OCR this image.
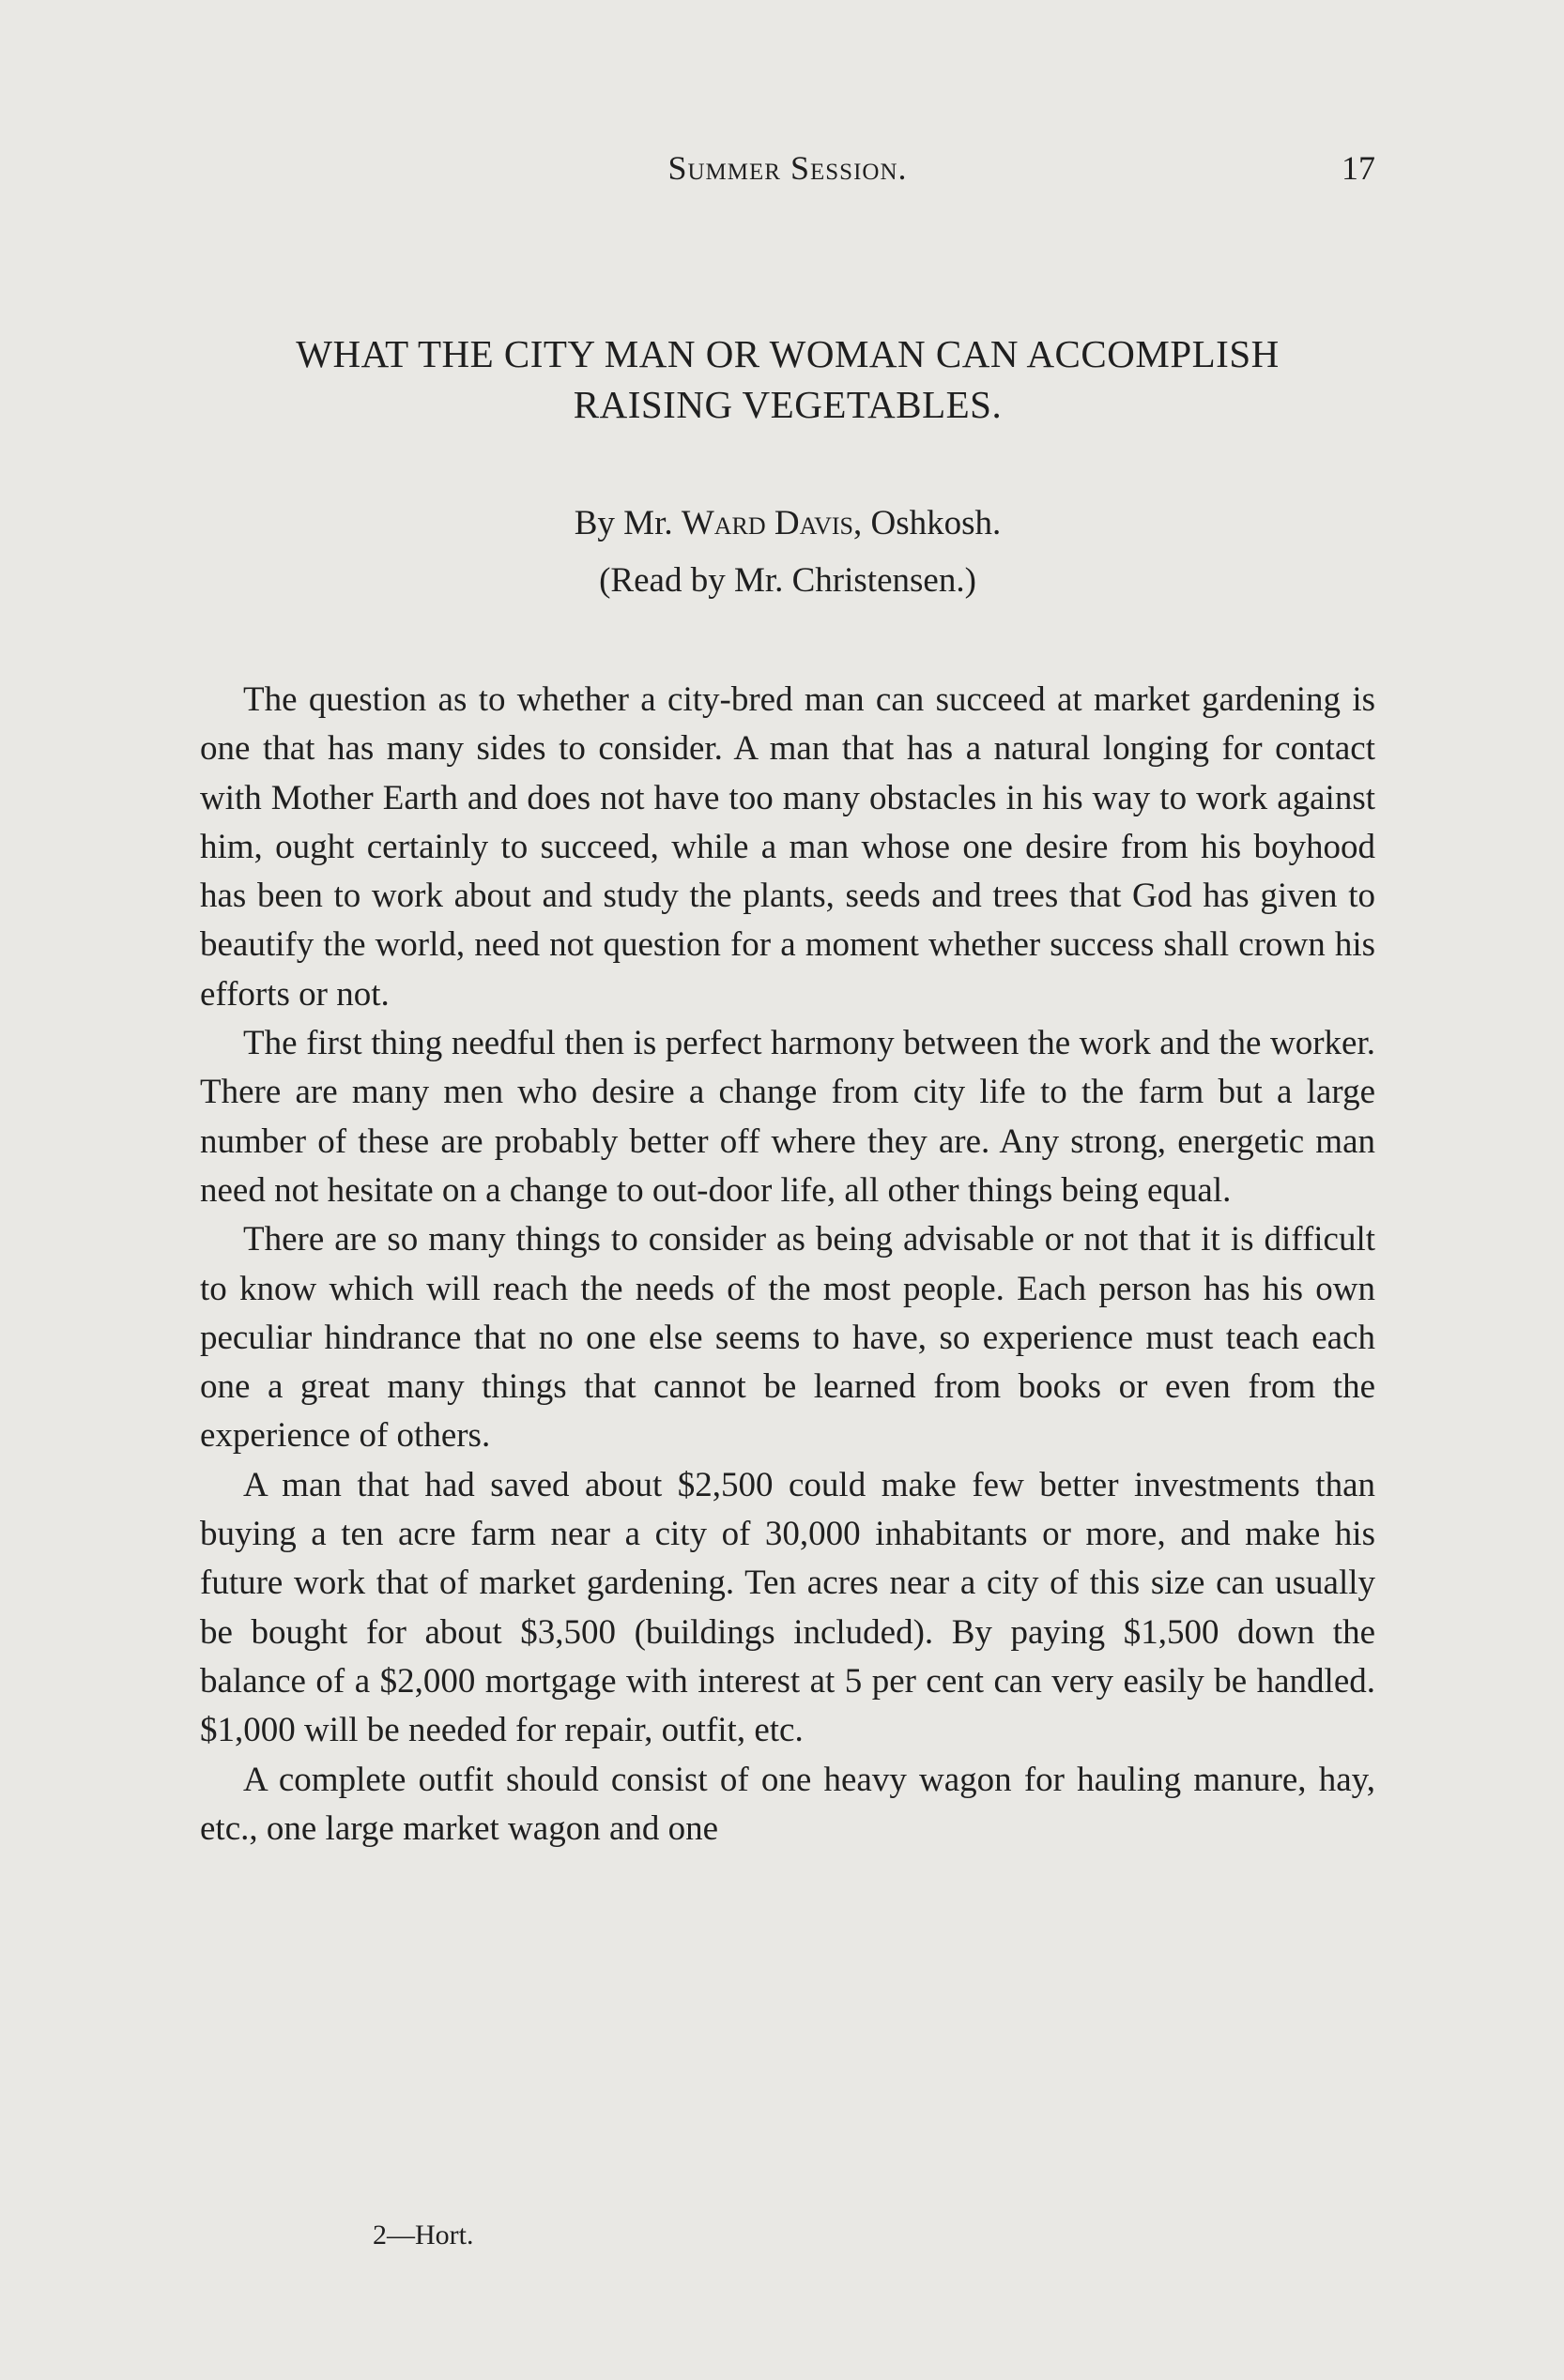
Summer Session.	17
WHAT THE CITY MAN OR WOMAN CAN ACCOMPLISH
RAISING VEGETABLES.
By Mr. Ward Davis, Oshkosh.
(Read by Mr. Christensen.)

The question as to whether a city-bred man can succeed at market gardening is one that has many sides to consider. A man that has a natural longing for contact with Mother Earth and does not have too many obstacles in his way to work against him, ought certainly to succeed, while a man whose one desire from his boyhood has been to work about and study the plants, seeds and trees that God has given to beautify the world, need not question for a moment whether success shall crown his efforts or not.

The first thing needful then is perfect harmony between the work and the worker. There are many men who desire a change from city life to the farm but a large number of these are probably better off where they are. Any strong, energetic man need not hesitate on a change to out-door life, all other things being equal.

There are so many things to consider as being advisable or not that it is difficult to know which will reach the needs of the most people. Each person has his own peculiar hindrance that no one else seems to have, so experience must teach each one a great many things that cannot be learned from books or even from the experience of others.

A man that had saved about $2,500 could make few better investments than buying a ten acre farm near a city of 30,000 inhabitants or more, and make his future work that of market gardening. Ten acres near a city of this size can usually be bought for about $3,500 (buildings included). By paying $1,500 down the balance of a $2,000 mortgage with interest at 5 per cent can very easily be handled. $1,000 will be needed for repair, outfit, etc.

A complete outfit should consist of one heavy wagon for hauling manure, hay, etc., one large market wagon and one

2—Hort.
